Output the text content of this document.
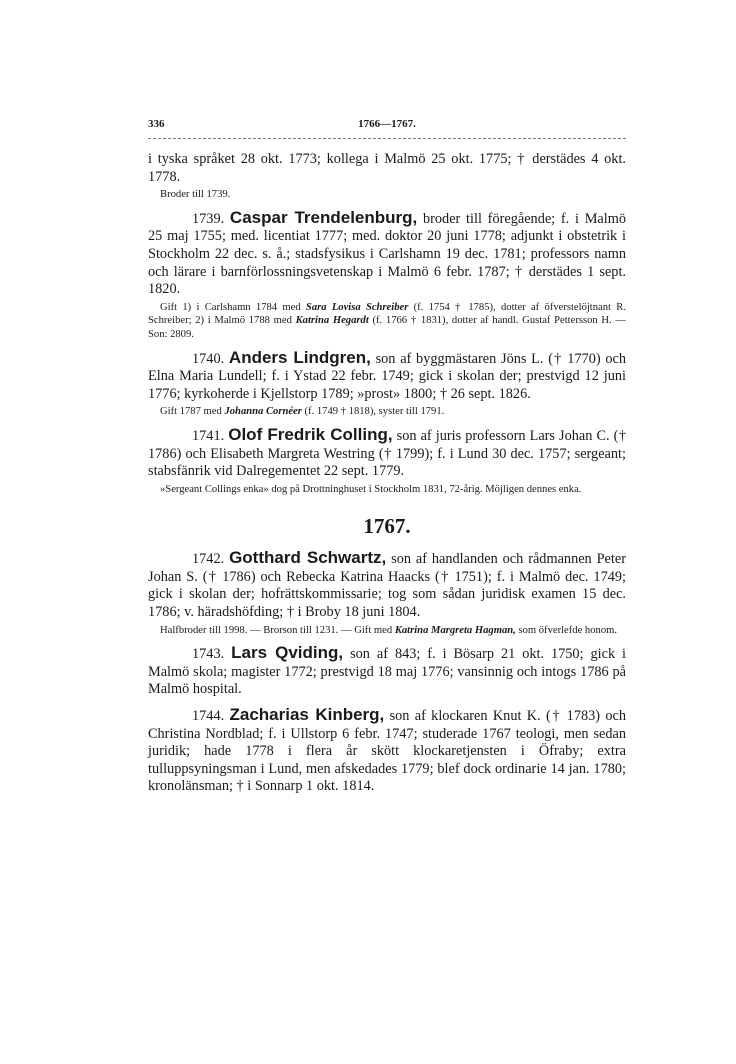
336	1766—1767.

i tyska språket 28 okt. 1773; kollega i Malmö 25 okt. 1775; † derstädes 4 okt. 1778.

Broder till 1739.

1739. Caspar Trendelenburg, broder till föregående; f. i Malmö 25 maj 1755; med. licentiat 1777; med. doktor 20 juni 1778; adjunkt i obstetrik i Stockholm 22 dec. s. å.; stadsfysikus i Carlshamn 19 dec. 1781; professors namn och lärare i barnförlossningsvetenskap i Malmö 6 febr. 1787; † derstädes 1 sept. 1820.

Gift 1) i Carlshamn 1784 med Sara Lovisa Schreiber (f. 1754 † 1785), dotter af öfverstelöjtnant R. Schreiber; 2) i Malmö 1788 med Katrina Hegardt (f. 1766 † 1831), dotter af handl. Gustaf Pettersson H. — Son: 2809.

1740. Anders Lindgren, son af byggmästaren Jöns L. († 1770) och Elna Maria Lundell; f. i Ystad 22 febr. 1749; gick i skolan der; prestvigd 12 juni 1776; kyrkoherde i Kjellstorp 1789; »prost» 1800; † 26 sept. 1826.

Gift 1787 med Johanna Cornéer (f. 1749 † 1818), syster till 1791.

1741. Olof Fredrik Colling, son af juris professorn Lars Johan C. († 1786) och Elisabeth Margreta Westring († 1799); f. i Lund 30 dec. 1757; sergeant; stabsfänrik vid Dalregementet 22 sept. 1779.

»Sergeant Collings enka» dog på Drottninghuset i Stockholm 1831, 72-årig. Möjligen dennes enka.

1767.

1742. Gotthard Schwartz, son af handlanden och rådmannen Peter Johan S. († 1786) och Rebecka Katrina Haacks († 1751); f. i Malmö dec. 1749; gick i skolan der; hofrättskommissarie; tog som sådan juridisk examen 15 dec. 1786; v. häradshöfding; † i Broby 18 juni 1804.

Halfbroder till 1998. — Brorson till 1231. — Gift med Katrina Margreta Hagman, som öfverlefde honom.

1743. Lars Qviding, son af 843; f. i Bösarp 21 okt. 1750; gick i Malmö skola; magister 1772; prestvigd 18 maj 1776; vansinnig och intogs 1786 på Malmö hospital.

1744. Zacharias Kinberg, son af klockaren Knut K. († 1783) och Christina Nordblad; f. i Ullstorp 6 febr. 1747; studerade 1767 teologi, men sedan juridik; hade 1778 i flera år skött klockaretjensten i Öfraby; extra tulluppsyningsman i Lund, men afskedades 1779; blef dock ordinarie 14 jan. 1780; kronolänsman; † i Sonnarp 1 okt. 1814.
